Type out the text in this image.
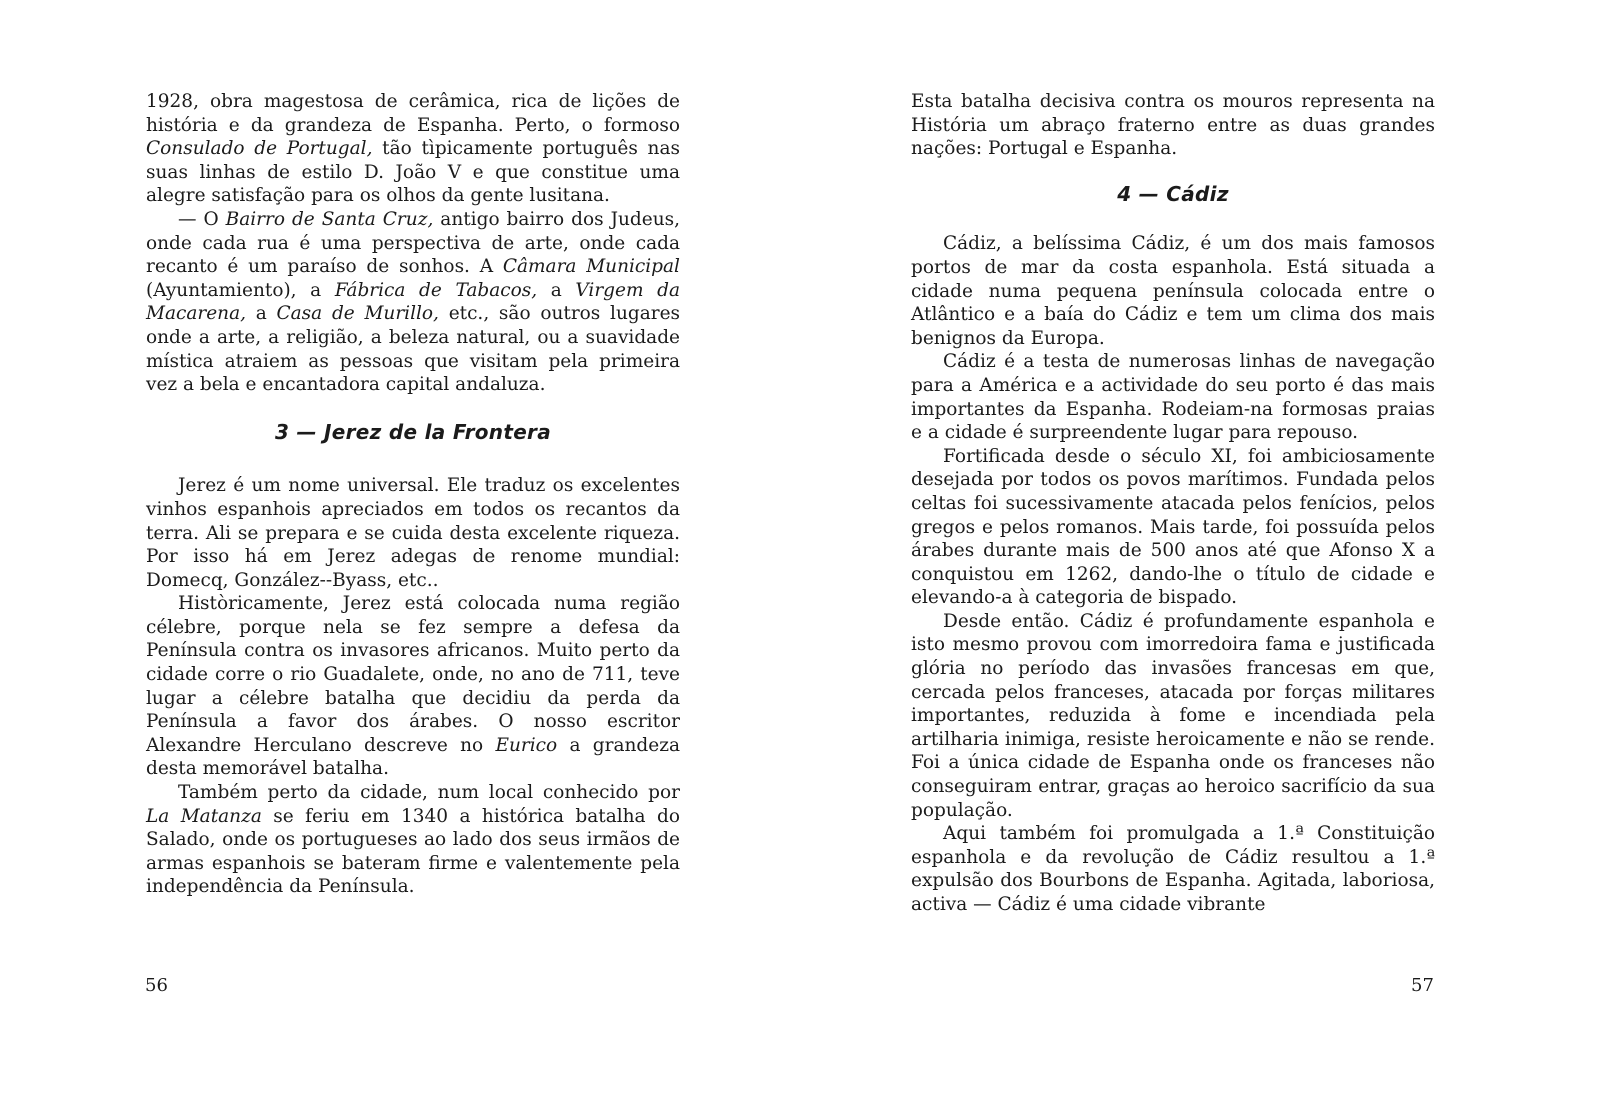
1928, obra magestosa de cerâmica, rica de lições de história e da grandeza de Espanha. Perto, o formoso Consulado de Portugal, tão tìpicamente português nas suas linhas de estilo D. João V e que constitue uma alegre satisfação para os olhos da gente lusitana.

— O Bairro de Santa Cruz, antigo bairro dos Judeus, onde cada rua é uma perspectiva de arte, onde cada recanto é um paraíso de sonhos. A Câmara Municipal (Ayuntamiento), a Fábrica de Tabacos, a Virgem da Macarena, a Casa de Murillo, etc., são outros lugares onde a arte, a religião, a beleza natural, ou a suavidade mística atraiem as pessoas que visitam pela primeira vez a bela e encantadora capital andaluza.

3 — Jerez de la Frontera

Jerez é um nome universal. Ele traduz os excelentes vinhos espanhois apreciados em todos os recantos da terra. Ali se prepara e se cuida desta excelente riqueza. Por isso há em Jerez adegas de renome mundial: Domecq, González--Byass, etc..

Històricamente, Jerez está colocada numa região célebre, porque nela se fez sempre a defesa da Península contra os invasores africanos. Muito perto da cidade corre o rio Guadalete, onde, no ano de 711, teve lugar a célebre batalha que decidiu da perda da Península a favor dos árabes. O nosso escritor Alexandre Herculano descreve no Eurico a grandeza desta memorável batalha.

Também perto da cidade, num local conhecido por La Matanza se feriu em 1340 a histórica batalha do Salado, onde os portugueses ao lado dos seus irmãos de armas espanhois se bateram firme e valentemente pela independência da Península.

56

Esta batalha decisiva contra os mouros representa na História um abraço fraterno entre as duas grandes nações: Portugal e Espanha.

4 — Cádiz

Cádiz, a belíssima Cádiz, é um dos mais famosos portos de mar da costa espanhola. Está situada a cidade numa pequena península colocada entre o Atlântico e a baía do Cádiz e tem um clima dos mais benignos da Europa.

Cádiz é a testa de numerosas linhas de navegação para a América e a actividade do seu porto é das mais importantes da Espanha. Rodeiam-na formosas praias e a cidade é surpreendente lugar para repouso.

Fortificada desde o século XI, foi ambiciosamente desejada por todos os povos marítimos. Fundada pelos celtas foi sucessivamente atacada pelos fenícios, pelos gregos e pelos romanos. Mais tarde, foi possuída pelos árabes durante mais de 500 anos até que Afonso X a conquistou em 1262, dando-lhe o título de cidade e elevando-a à categoria de bispado.

Desde então. Cádiz é profundamente espanhola e isto mesmo provou com imorredoira fama e justificada glória no período das invasões francesas em que, cercada pelos franceses, atacada por forças militares importantes, reduzida à fome e incendiada pela artilharia inimiga, resiste heroicamente e não se rende. Foi a única cidade de Espanha onde os franceses não conseguiram entrar, graças ao heroico sacrifício da sua população.

Aqui também foi promulgada a 1.ª Constituição espanhola e da revolução de Cádiz resultou a 1.ª expulsão dos Bourbons de Espanha. Agitada, laboriosa, activa — Cádiz é uma cidade vibrante

57
